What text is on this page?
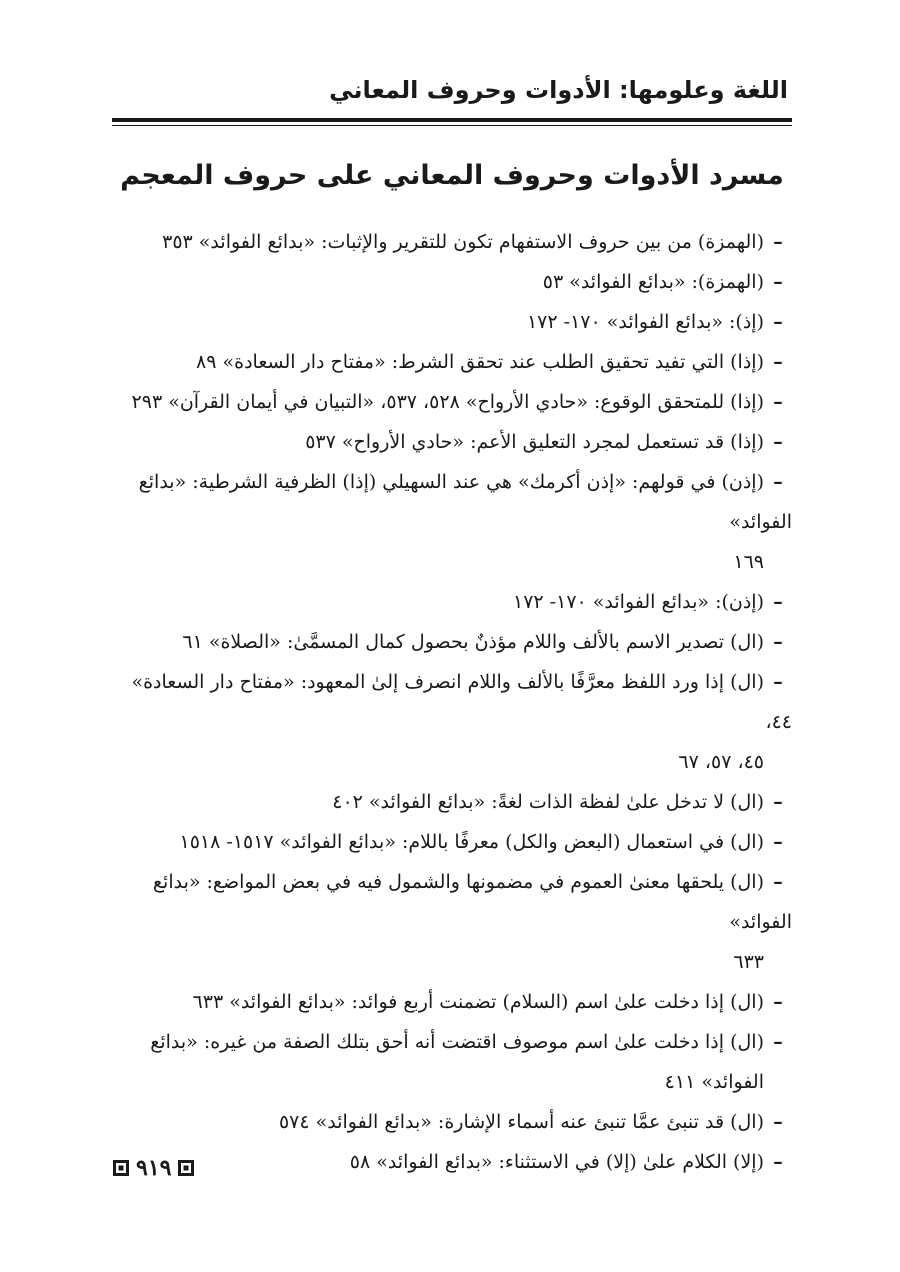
اللغة وعلومها: الأدوات وحروف المعاني
مسرد الأدوات وحروف المعاني على حروف المعجم
–(الهمزة) من بين حروف الاستفهام تكون للتقرير والإثبات: «بدائع الفوائد» ٣٥٣
–(الهمزة): «بدائع الفوائد» ٥٣
–(إذ): «بدائع الفوائد» ١٧٠- ١٧٢
–(إذا) التي تفيد تحقيق الطلب عند تحقق الشرط: «مفتاح دار السعادة» ٨٩
–(إذا) للمتحقق الوقوع: «حادي الأرواح» ٥٢٨، ٥٣٧، «التبيان في أيمان القرآن» ٢٩٣
–(إذا) قد تستعمل لمجرد التعليق الأعم: «حادي الأرواح» ٥٣٧
–(إذن) في قولهم: «إذن أكرمك» هي عند السهيلي (إذا) الظرفية الشرطية: «بدائع الفوائد»
١٦٩
–(إذن): «بدائع الفوائد» ١٧٠- ١٧٢
–(ال) تصدير الاسم بالألف واللام مؤذنٌ بحصول كمال المسمَّىٰ: «الصلاة» ٦١
–(ال) إذا ورد اللفظ معرَّفًا بالألف واللام انصرف إلىٰ المعهود: «مفتاح دار السعادة» ٤٤،
٤٥، ٥٧، ٦٧
–(ال) لا تدخل علىٰ لفظة الذات لغةً: «بدائع الفوائد» ٤٠٢
–(ال) في استعمال (البعض والكل) معرفًا باللام: «بدائع الفوائد» ١٥١٧- ١٥١٨
–(ال) يلحقها معنىٰ العموم في مضمونها والشمول فيه في بعض المواضع: «بدائع الفوائد»
٦٣٣
–(ال) إذا دخلت علىٰ اسم (السلام) تضمنت أربع فوائد: «بدائع الفوائد» ٦٣٣
–(ال) إذا دخلت علىٰ اسم موصوف اقتضت أنه أحق بتلك الصفة من غيره: «بدائع
الفوائد» ٤١١
–(ال) قد تنبئ عمَّا تنبئ عنه أسماء الإشارة: «بدائع الفوائد» ٥٧٤
–(إلا) الكلام علىٰ (إلا) في الاستثناء: «بدائع الفوائد» ٥٨
٩١٩
